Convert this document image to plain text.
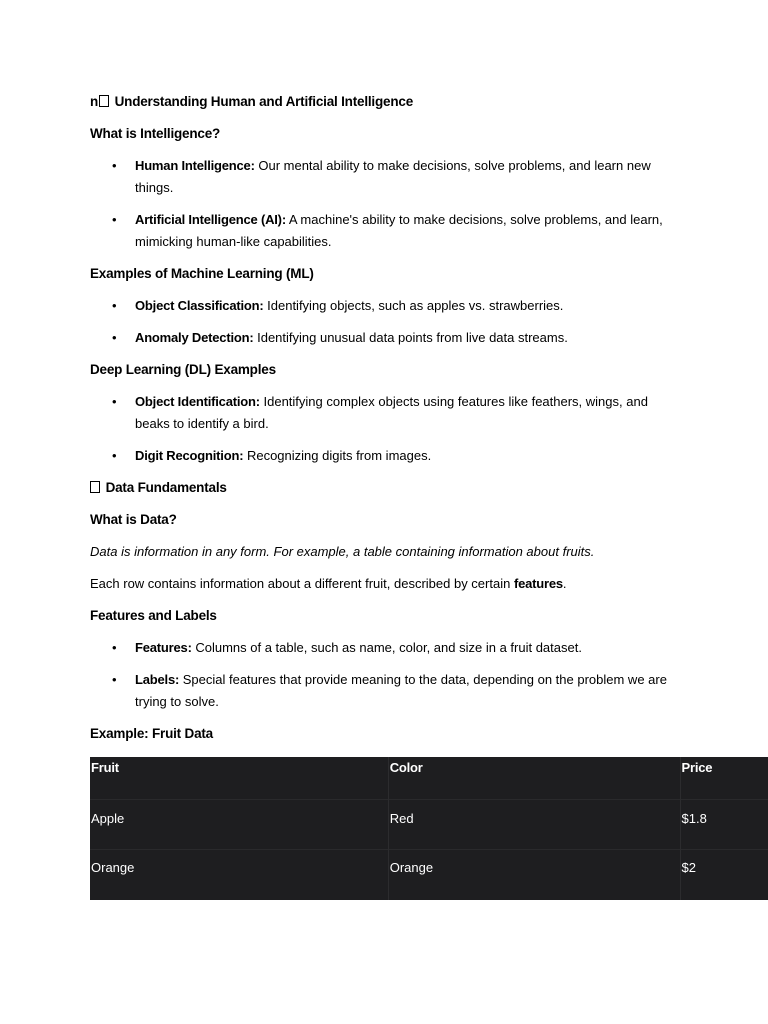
n Understanding Human and Artificial Intelligence
What is Intelligence?
• Human Intelligence: Our mental ability to make decisions, solve problems, and learn new things.
• Artificial Intelligence (AI): A machine's ability to make decisions, solve problems, and learn, mimicking human-like capabilities.
Examples of Machine Learning (ML)
• Object Classification: Identifying objects, such as apples vs. strawberries.
• Anomaly Detection: Identifying unusual data points from live data streams.
Deep Learning (DL) Examples
• Object Identification: Identifying complex objects using features like feathers, wings, and beaks to identify a bird.
• Digit Recognition: Recognizing digits from images.
Data Fundamentals
What is Data?
Data is information in any form. For example, a table containing information about fruits.
Each row contains information about a different fruit, described by certain features.
Features and Labels
• Features: Columns of a table, such as name, color, and size in a fruit dataset.
• Labels: Special features that provide meaning to the data, depending on the problem we are trying to solve.
Example: Fruit Data
Fruit	Color	Price
Apple	Red	$1.8
Orange	Orange	$2
